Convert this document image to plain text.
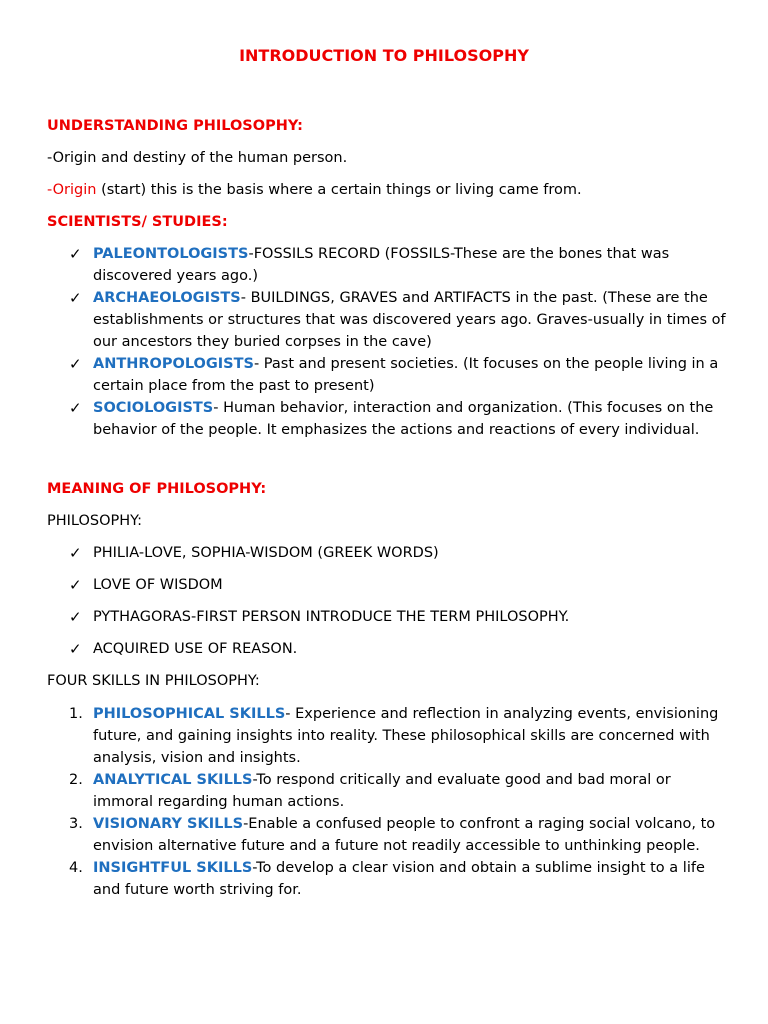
INTRODUCTION TO PHILOSOPHY
UNDERSTANDING PHILOSOPHY:
-Origin and destiny of the human person.
-Origin (start) this is the basis where a certain things or living came from.
SCIENTISTS/ STUDIES:
✓ PALEONTOLOGISTS-FOSSILS RECORD (FOSSILS-These are the bones that was discovered years ago.)
✓ ARCHAEOLOGISTS- BUILDINGS, GRAVES and ARTIFACTS in the past. (These are the establishments or structures that was discovered years ago. Graves-usually in times of our ancestors they buried corpses in the cave)
✓ ANTHROPOLOGISTS- Past and present societies. (It focuses on the people living in a certain place from the past to present)
✓ SOCIOLOGISTS- Human behavior, interaction and organization. (This focuses on the behavior of the people. It emphasizes the actions and reactions of every individual.
MEANING OF PHILOSOPHY:
PHILOSOPHY:
✓ PHILIA-LOVE, SOPHIA-WISDOM (GREEK WORDS)
✓ LOVE OF WISDOM
✓ PYTHAGORAS-FIRST PERSON INTRODUCE THE TERM PHILOSOPHY.
✓ ACQUIRED USE OF REASON.
FOUR SKILLS IN PHILOSOPHY:
1. PHILOSOPHICAL SKILLS- Experience and reflection in analyzing events, envisioning future, and gaining insights into reality. These philosophical skills are concerned with analysis, vision and insights.
2. ANALYTICAL SKILLS-To respond critically and evaluate good and bad moral or immoral regarding human actions.
3. VISIONARY SKILLS-Enable a confused people to confront a raging social volcano, to envision alternative future and a future not readily accessible to unthinking people.
4. INSIGHTFUL SKILLS-To develop a clear vision and obtain a sublime insight to a life and future worth striving for.
